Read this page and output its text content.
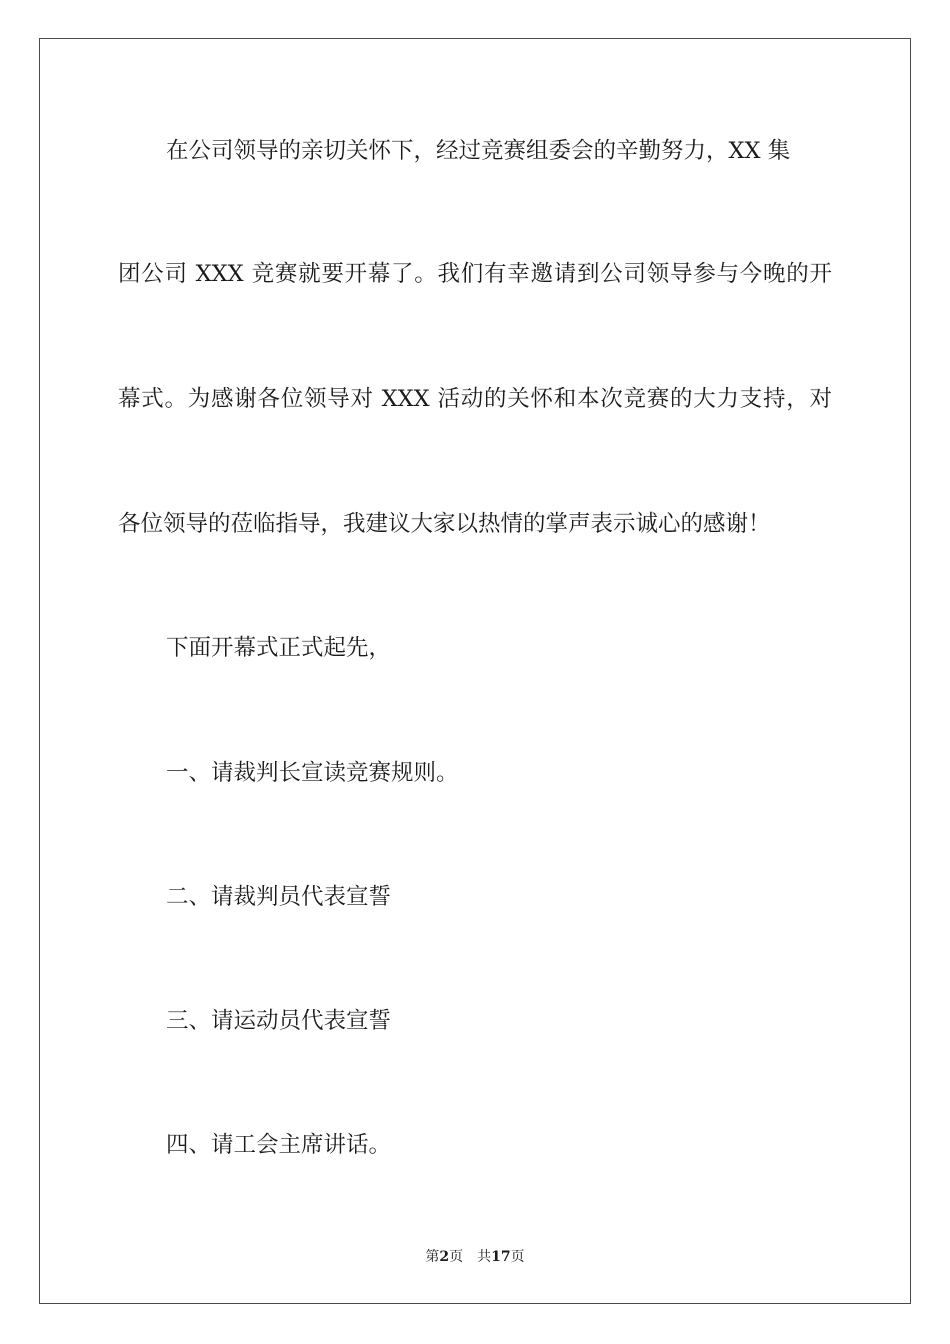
在公司领导的亲切关怀下，经过竞赛组委会的辛勤努力，XX 集

团公司 XXX 竞赛就要开幕了。我们有幸邀请到公司领导参与今晚的开

幕式。为感谢各位领导对 XXX 活动的关怀和本次竞赛的大力支持，对

各位领导的莅临指导，我建议大家以热情的掌声表示诚心的感谢！

下面开幕式正式起先，

一、请裁判长宣读竞赛规则。

二、请裁判员代表宣誓

三、请运动员代表宣誓

四、请工会主席讲话。

第2页 共17页
